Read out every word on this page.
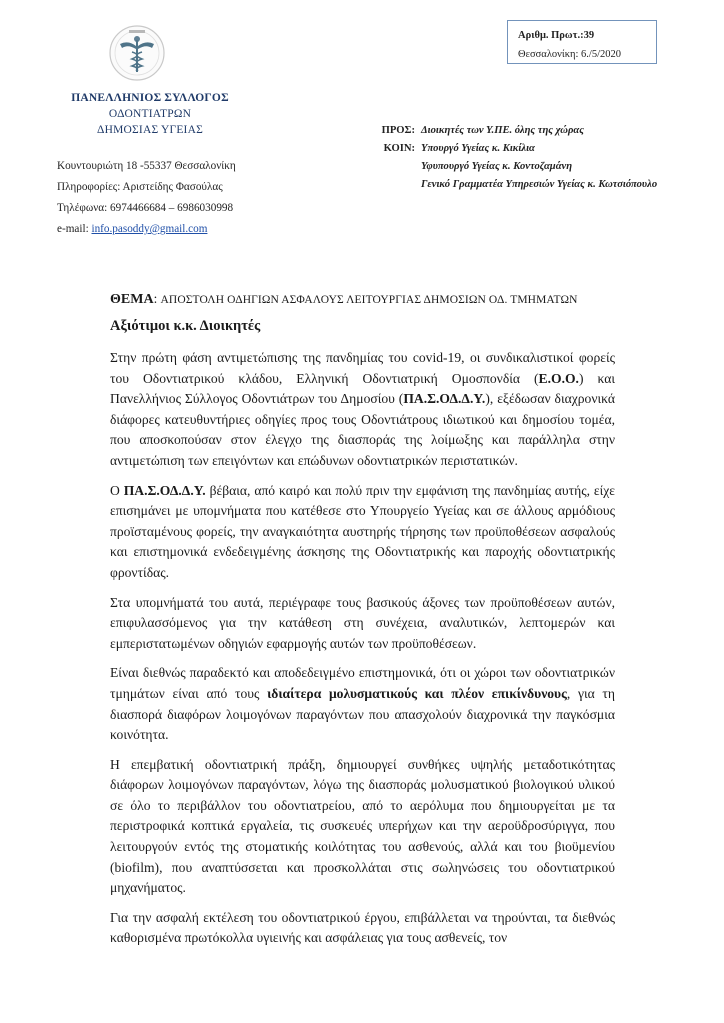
ΠΑΝΕΛΛΗΝΙΟΣ ΣΥΛΛΟΓΟΣ
ΟΔΟΝΤΙΑΤΡΩΝ
ΔΗΜΟΣΙΑΣ ΥΓΕΙΑΣ
Κουντουριώτη 18 -55337 Θεσσαλονίκη
Πληροφορίες: Αριστείδης Φασούλας
Τηλέφωνα: 6974466684 – 6986030998
e-mail: info.pasoddy@gmail.com
Αριθμ. Πρωτ.:39
Θεσσαλονίκη: 6./5/2020
ΠΡΟΣ: Διοικητές των Υ.ΠΕ. όλης της χώρας
ΚΟΙΝ: Υπουργό Υγείας κ. Κικίλια
Υφυπουργό Υγείας κ. Κοντοζαμάνη
Γενικό Γραμματέα Υπηρεσιών Υγείας κ. Κωτσιόπουλο
ΘΕΜΑ: ΑΠΟΣΤΟΛΗ ΟΔΗΓΙΩΝ ΑΣΦΑΛΟΥΣ ΛΕΙΤΟΥΡΓΙΑΣ ΔΗΜΟΣΙΩΝ ΟΔ. ΤΜΗΜΑΤΩΝ
Αξιότιμοι κ.κ. Διοικητές

Στην πρώτη φάση αντιμετώπισης της πανδημίας του covid-19, οι συνδικαλιστικοί φορείς του Οδοντιατρικού κλάδου, Ελληνική Οδοντιατρική Ομοσπονδία (Ε.Ο.Ο.) και Πανελλήνιος Σύλλογος Οδοντιάτρων του Δημοσίου (ΠΑ.Σ.ΟΔ.Δ.Υ.), εξέδωσαν διαχρονικά διάφορες κατευθυντήριες οδηγίες προς τους Οδοντιάτρους ιδιωτικού και δημοσίου τομέα, που αποσκοπούσαν στον έλεγχο της διασποράς της λοίμωξης και παράλληλα στην αντιμετώπιση των επειγόντων και επώδυνων οδοντιατρικών περιστατικών.

Ο ΠΑ.Σ.ΟΔ.Δ.Υ. βέβαια, από καιρό και πολύ πριν την εμφάνιση της πανδημίας αυτής, είχε επισημάνει με υπομνήματα που κατέθεσε στο Υπουργείο Υγείας και σε άλλους αρμόδιους προϊσταμένους φορείς, την αναγκαιότητα αυστηρής τήρησης των προϋποθέσεων ασφαλούς και επιστημονικά ενδεδειγμένης άσκησης της Οδοντιατρικής και παροχής οδοντιατρικής φροντίδας.

Στα υπομνήματά του αυτά, περιέγραφε τους βασικούς άξονες των προϋποθέσεων αυτών, επιφυλασσόμενος για την κατάθεση στη συνέχεια, αναλυτικών, λεπτομερών και εμπεριστατωμένων οδηγιών εφαρμογής αυτών των προϋποθέσεων.

Είναι διεθνώς παραδεκτό και αποδεδειγμένο επιστημονικά, ότι οι χώροι των οδοντιατρικών τμημάτων είναι από τους ιδιαίτερα μολυσματικούς και πλέον επικίνδυνους, για τη διασπορά διαφόρων λοιμογόνων παραγόντων που απασχολούν διαχρονικά την παγκόσμια κοινότητα.

Η επεμβατική οδοντιατρική πράξη, δημιουργεί συνθήκες υψηλής μεταδοτικότητας διάφορων λοιμογόνων παραγόντων, λόγω της διασποράς μολυσματικού βιολογικού υλικού σε όλο το περιβάλλον του οδοντιατρείου, από το αερόλυμα που δημιουργείται με τα περιστροφικά κοπτικά εργαλεία, τις συσκευές υπερήχων και την αεροϋδροσύριγγα, που λειτουργούν εντός της στοματικής κοιλότητας του ασθενούς, αλλά και του βιοϋμενίου (biofilm), που αναπτύσσεται και προσκολλάται στις σωληνώσεις του οδοντιατρικού μηχανήματος.

Για την ασφαλή εκτέλεση του οδοντιατρικού έργου, επιβάλλεται να τηρούνται, τα διεθνώς καθορισμένα πρωτόκολλα υγιεινής και ασφάλειας για τους ασθενείς, τον
